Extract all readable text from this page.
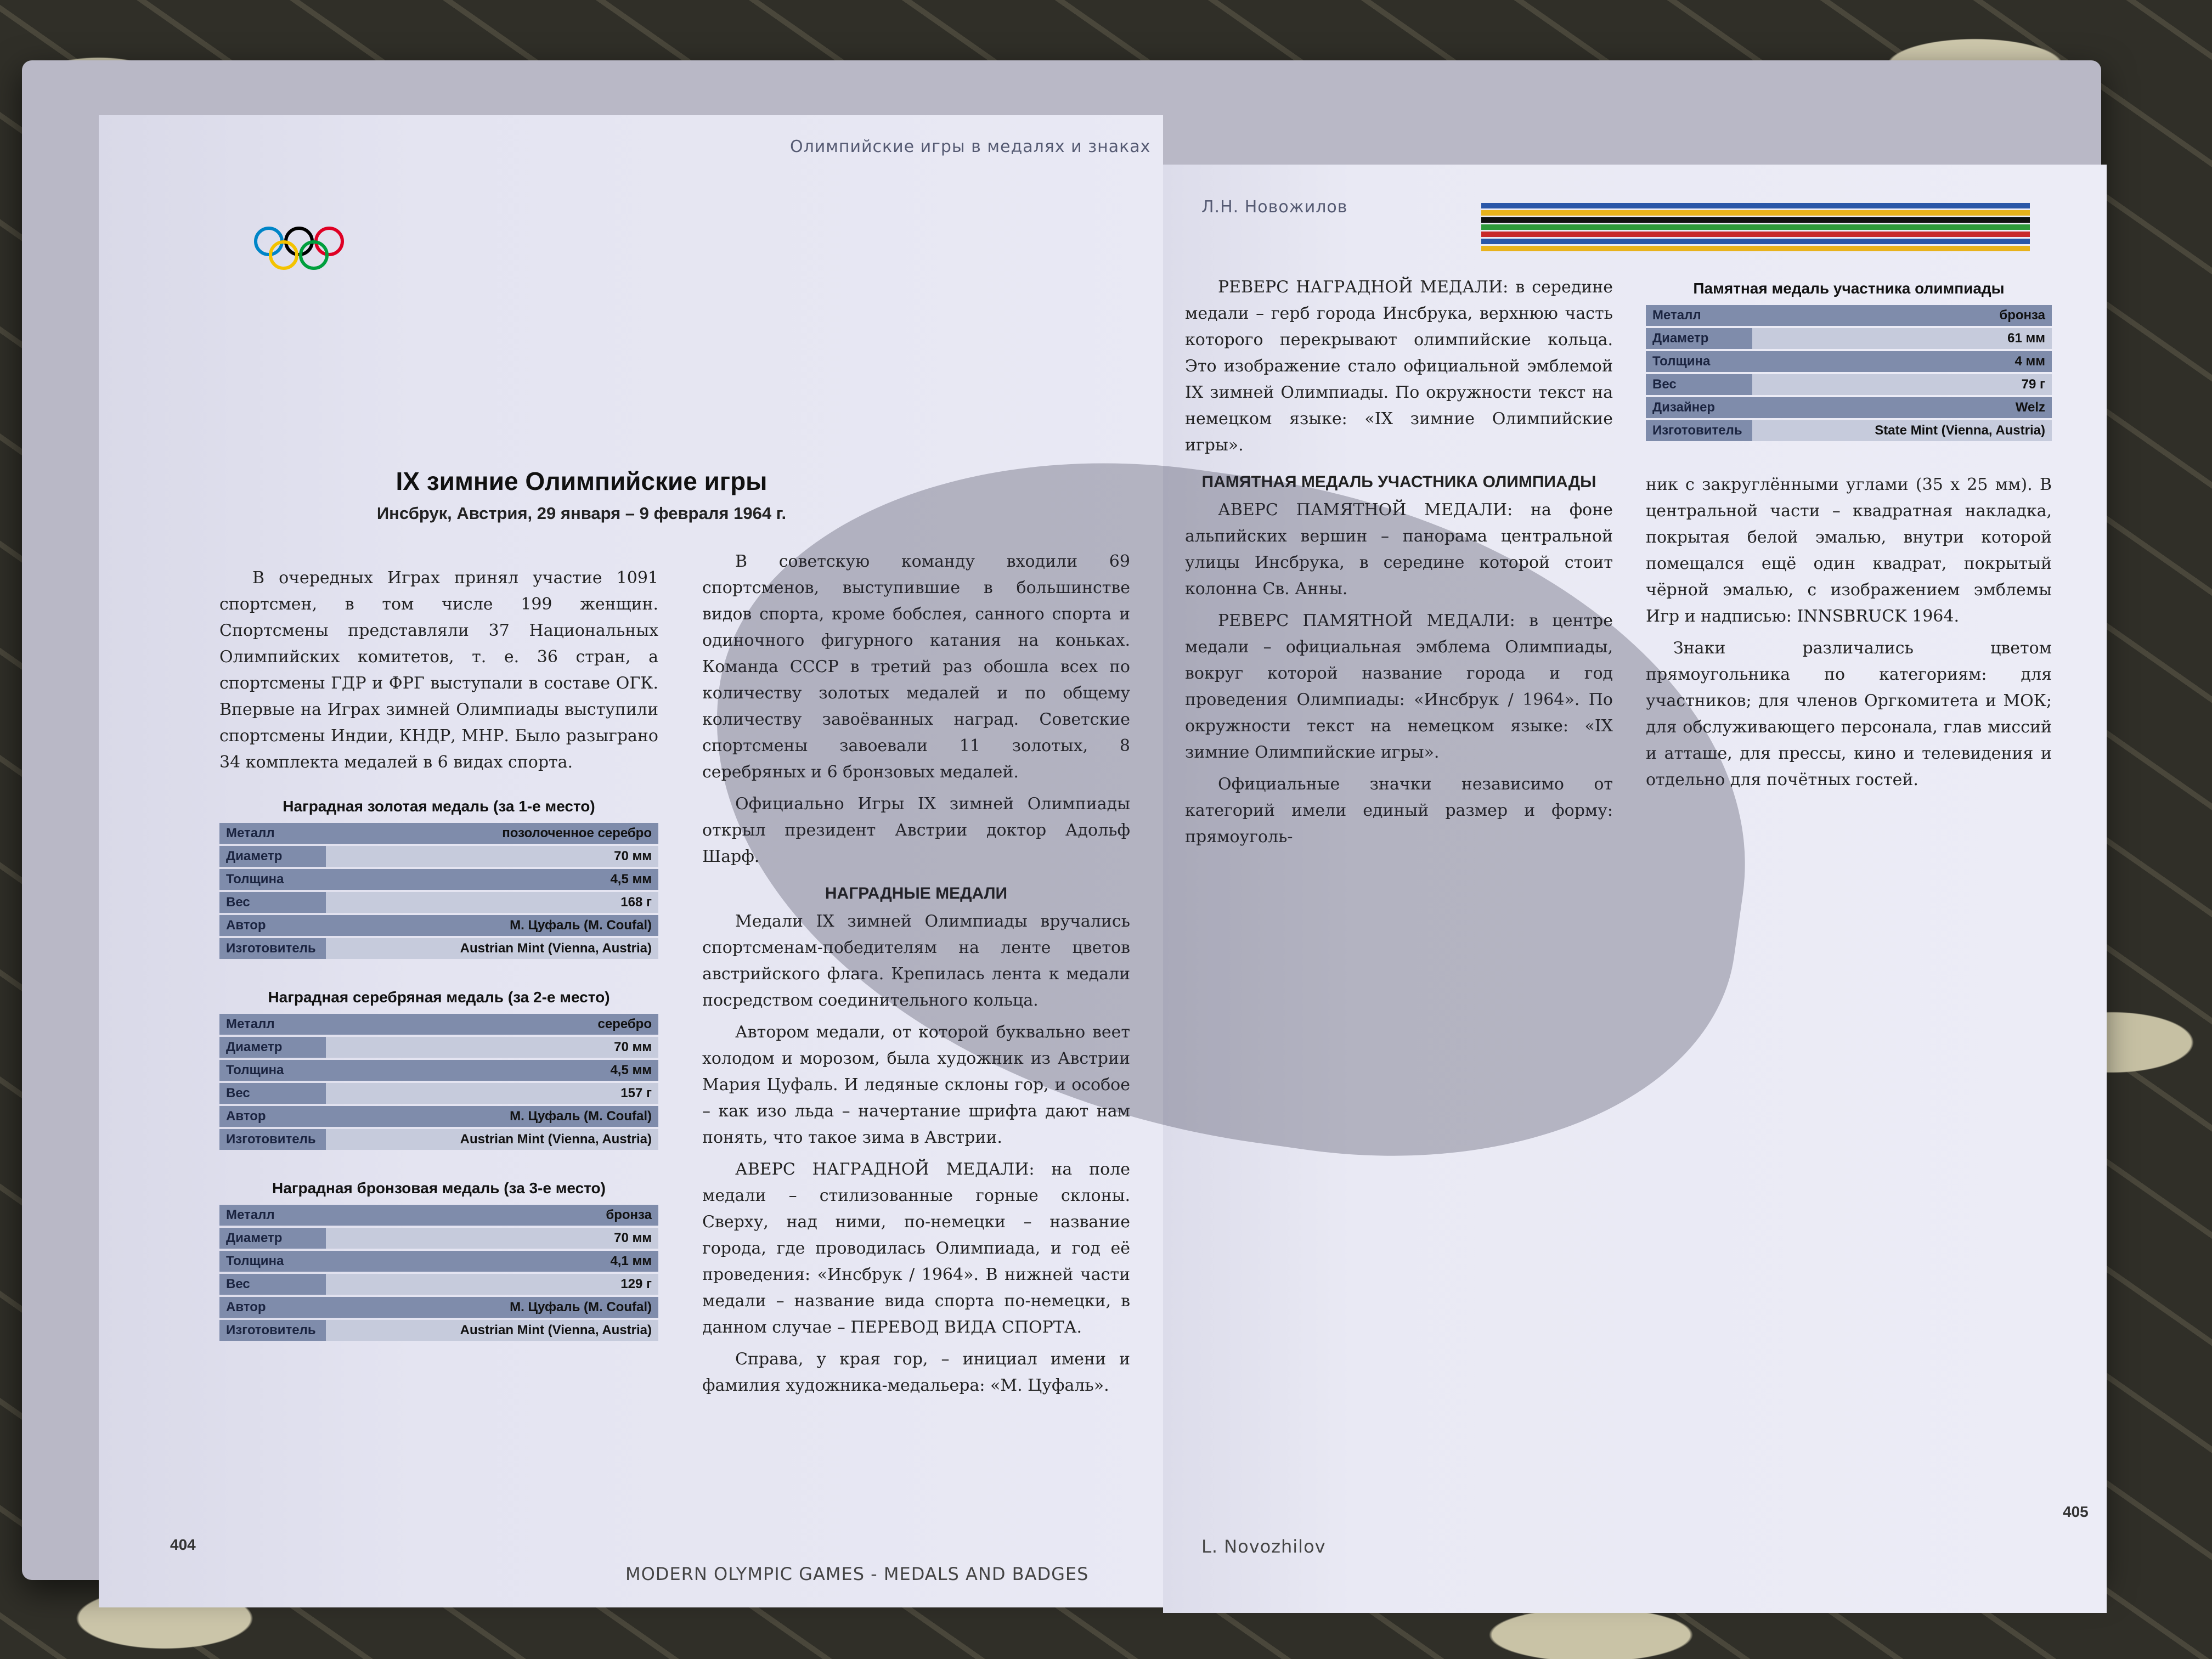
Олимпийские игры в медалях и знаках
IX зимние Олимпийские игры
Инсбрук, Австрия, 29 января – 9 февраля 1964 г.

В очередных Играх принял участие 1091 спортсмен, в том числе 199 женщин. Спортсмены представляли 37 Национальных Олимпийских комитетов, т. е. 36 стран, а спортсмены ГДР и ФРГ выступали в составе ОГК. Впервые на Играх зимней Олимпиады выступили спортсмены Индии, КНДР, МНР. Было разыграно 34 комплекта медалей в 6 видах спорта.

Наградная золотая медаль (за 1-е место)
Металл	позолоченное серебро
Диаметр	70 мм
Толщина	4,5 мм
Вес	168 г
Автор	М. Цуфаль (M. Coufal)
Изготовитель	Austrian Mint (Vienna, Austria)
Наградная серебряная медаль (за 2-е место)
Металл	серебро
Диаметр	70 мм
Толщина	4,5 мм
Вес	157 г
Автор	М. Цуфаль (M. Coufal)
Изготовитель	Austrian Mint (Vienna, Austria)
Наградная бронзовая медаль (за 3-е место)
Металл	бронза
Диаметр	70 мм
Толщина	4,1 мм
Вес	129 г
Автор	М. Цуфаль (M. Coufal)
Изготовитель	Austrian Mint (Vienna, Austria)

В советскую команду входили 69 спортсменов, выступившие в большинстве видов спорта, кроме бобслея, санного спорта и одиночного фигурного катания на коньках. Команда СССР в третий раз обошла всех по количеству золотых медалей и по общему количеству завоёванных наград. Советские спортсмены завоевали 11 золотых, 8 серебряных и 6 бронзовых медалей.

Официально Игры IX зимней Олимпиады открыл президент Австрии доктор Адольф Шарф.

НАГРАДНЫЕ МЕДАЛИ

Медали IX зимней Олимпиады вручались спортсменам-победителям на ленте цветов австрийского флага. Крепилась лента к медали посредством соединительного кольца.

Автором медали, от которой буквально веет холодом и морозом, была художник из Австрии Мария Цуфаль. И ледяные склоны гор, и особое – как изо льда – начертание шрифта дают нам понять, что такое зима в Австрии.

АВЕРС НАГРАДНОЙ МЕДАЛИ: на поле медали – стилизованные горные склоны. Сверху, над ними, по-немецки – название города, где проводилась Олимпиада, и год её проведения: «Инсбрук / 1964». В нижней части медали – название вида спорта по-немецки, в данном случае – ПЕРЕВОД ВИДА СПОРТА.

Справа, у края гор, – инициал имени и фамилия художника-медальера: «М. Цуфаль».

404
MODERN OLYMPIC GAMES - MEDALS AND BADGES
Л.Н. Новожилов

РЕВЕРС НАГРАДНОЙ МЕДАЛИ: в середине медали – герб города Инсбрука, верхнюю часть которого перекрывают олимпийские кольца. Это изображение стало официальной эмблемой IX зимней Олимпиады. По окружности текст на немецком языке: «IX зимние Олимпийские игры».

ПАМЯТНАЯ МЕДАЛЬ УЧАСТНИКА ОЛИМПИАДЫ

АВЕРС ПАМЯТНОЙ МЕДАЛИ: на фоне альпийских вершин – панорама центральной улицы Инсбрука, в середине которой стоит колонна Св. Анны.

РЕВЕРС ПАМЯТНОЙ МЕДАЛИ: в центре медали – официальная эмблема Олимпиады, вокруг которой название города и год проведения Олимпиады: «Инсбрук / 1964». По окружности текст на немецком языке: «IX зимние Олимпийские игры».

Официальные значки независимо от категорий имели единый размер и форму: прямоуголь-

Памятная медаль участника олимпиады
Металл	бронза
Диаметр	61 мм
Толщина	4 мм
Вес	79 г
Дизайнер	Welz
Изготовитель	State Mint (Vienna, Austria)

ник с закруглёнными углами (35 х 25 мм). В центральной части – квадратная накладка, покрытая белой эмалью, внутри которой помещался ещё один квадрат, покрытый чёрной эмалью, с изображением эмблемы Игр и надписью: INNSBRUCK 1964.

Знаки различались цветом прямоугольника по категориям: для участников; для членов Оргкомитета и МОК; для обслуживающего персонала, глав миссий и атташе, для прессы, кино и телевидения и отдельно для почётных гостей.

405
L. Novozhilov
